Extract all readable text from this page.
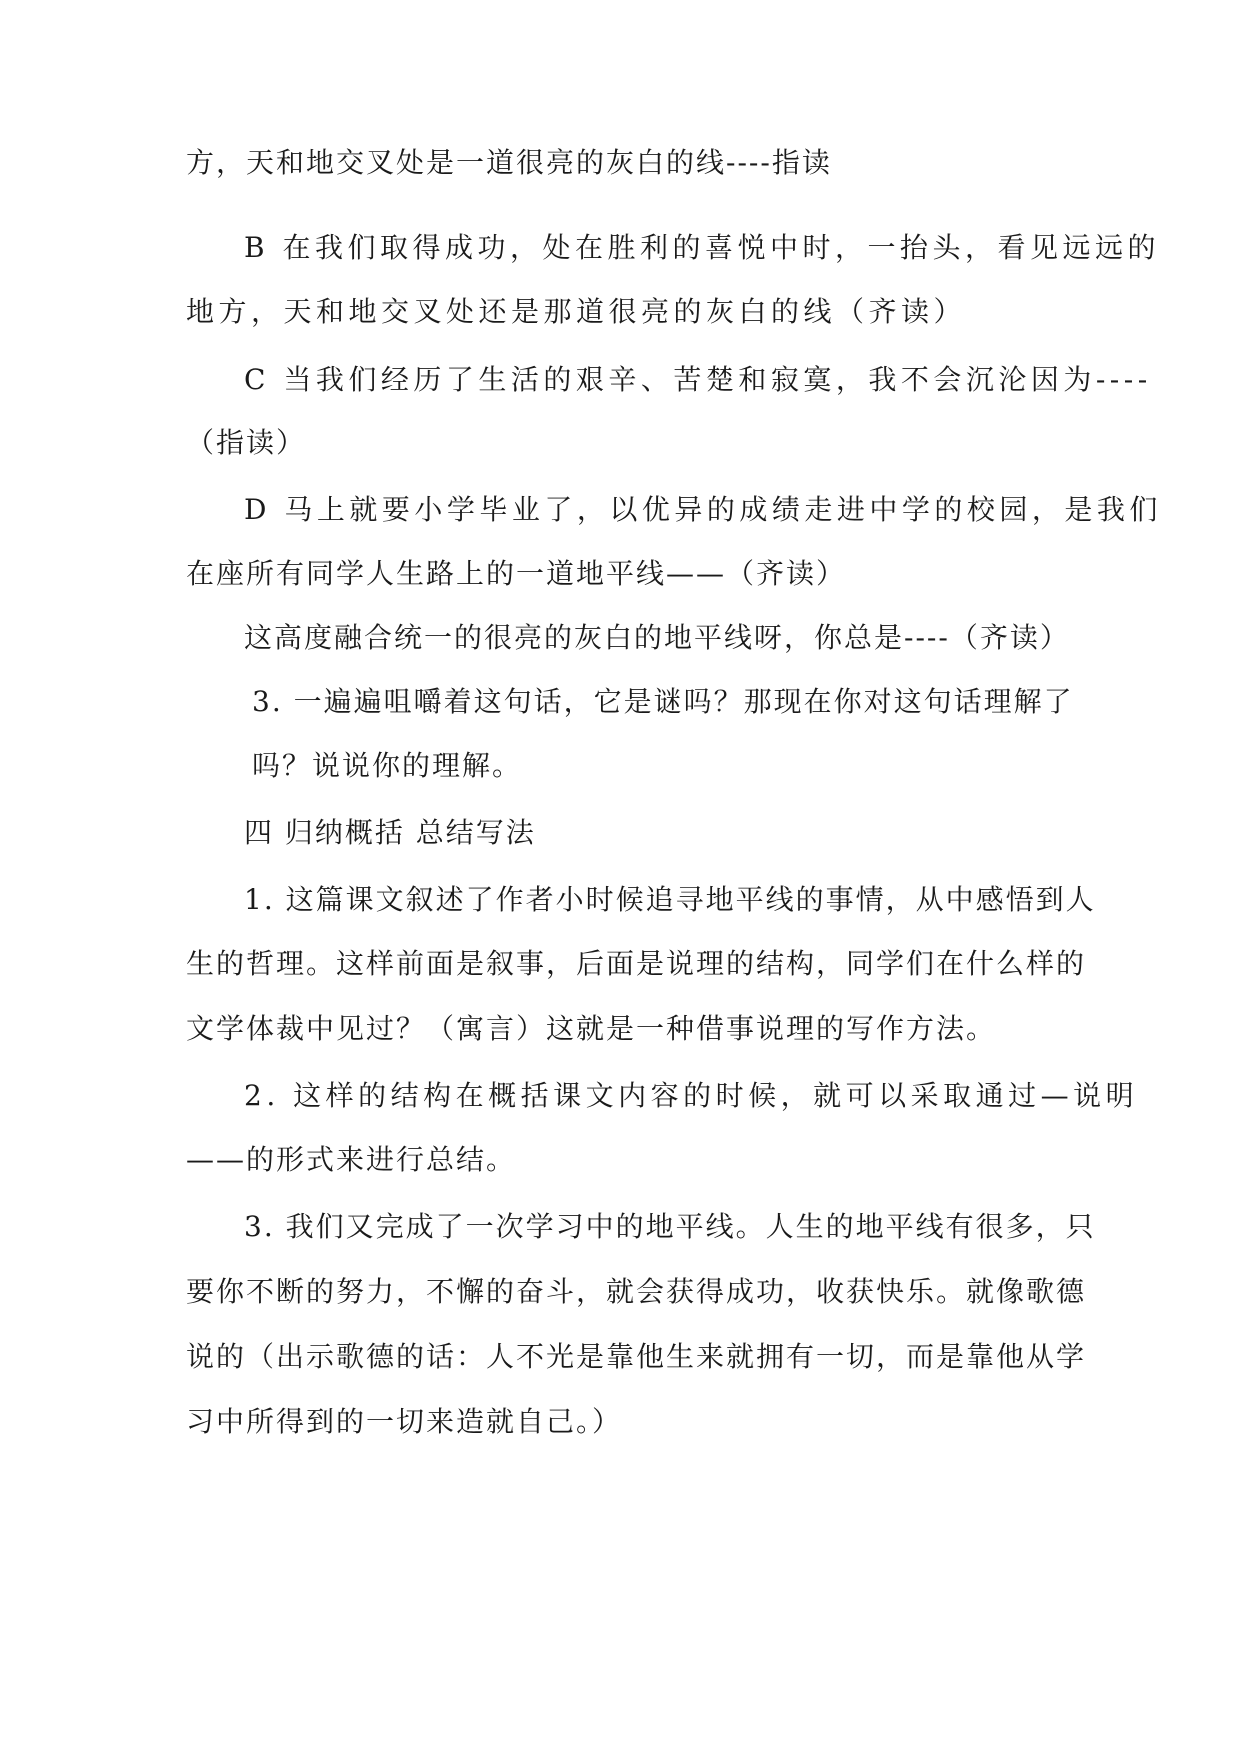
方，天和地交叉处是一道很亮的灰白的线----指读
B 在我们取得成功，处在胜利的喜悦中时，一抬头，看见远远的
地方，天和地交叉处还是那道很亮的灰白的线（齐读）
C 当我们经历了生活的艰辛、苦楚和寂寞，我不会沉沦因为----
（指读）
D 马上就要小学毕业了，以优异的成绩走进中学的校园，是我们
在座所有同学人生路上的一道地平线——（齐读）
这高度融合统一的很亮的灰白的地平线呀，你总是----（齐读）
3. 一遍遍咀嚼着这句话，它是谜吗？那现在你对这句话理解了
吗？说说你的理解。
四 归纳概括 总结写法
1. 这篇课文叙述了作者小时候追寻地平线的事情，从中感悟到人
生的哲理。这样前面是叙事，后面是说理的结构，同学们在什么样的
文学体裁中见过？（寓言）这就是一种借事说理的写作方法。
2. 这样的结构在概括课文内容的时候，就可以采取通过—说明
——的形式来进行总结。
3. 我们又完成了一次学习中的地平线。人生的地平线有很多，只
要你不断的努力，不懈的奋斗，就会获得成功，收获快乐。就像歌德
说的（出示歌德的话：人不光是靠他生来就拥有一切，而是靠他从学
习中所得到的一切来造就自己。）
